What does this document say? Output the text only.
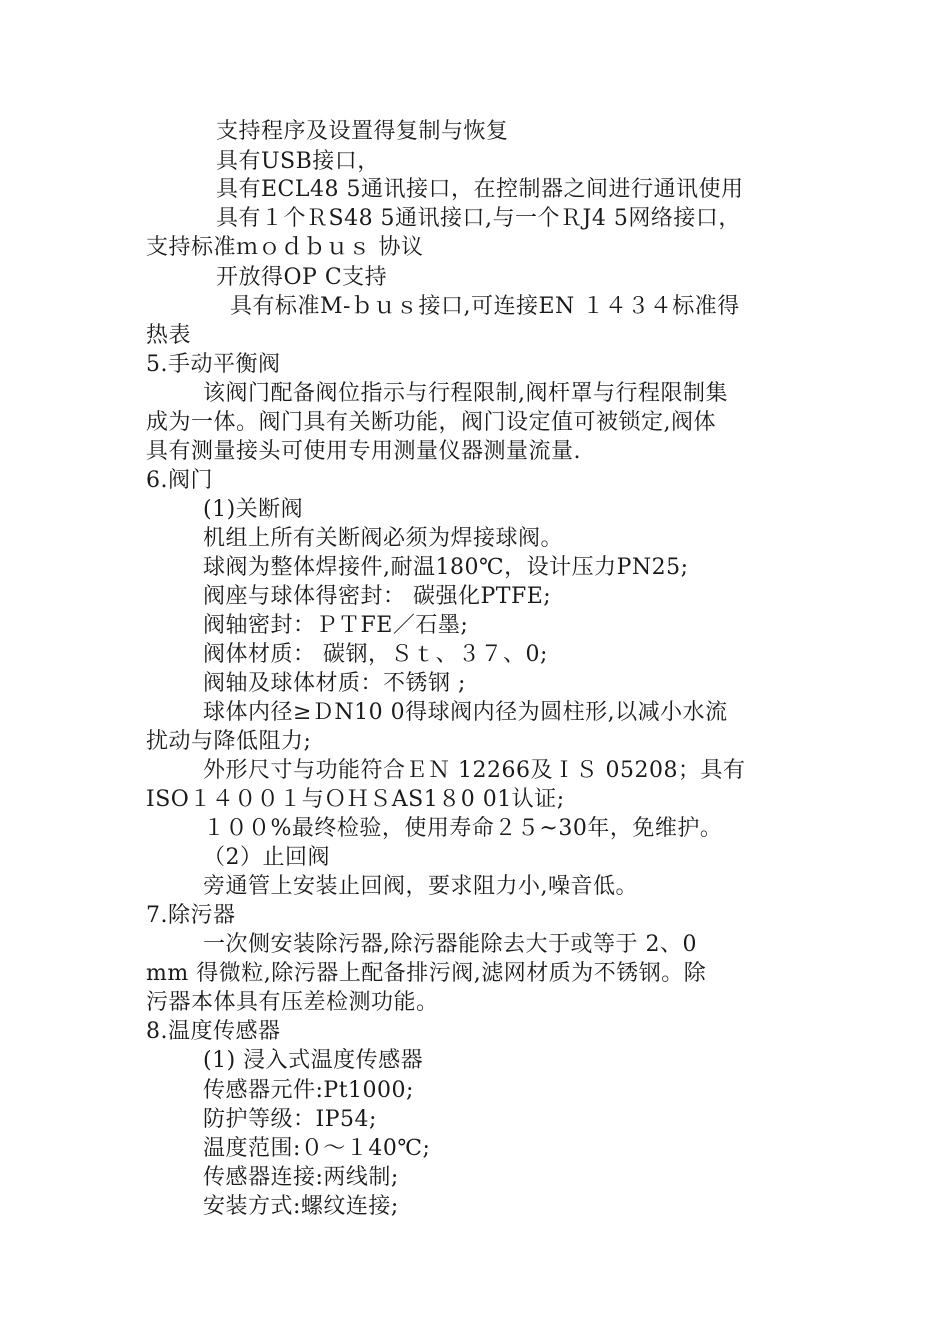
支持程序及设置得复制与恢复
具有USB接口，
具有ECL48 5通讯接口，在控制器之间进行通讯使用
具有１个ＲS48 5通讯接口,与一个ＲJ4 5网络接口，
支持标准ｍｏｄｂｕｓ 协议
开放得OP C支持
具有标准M-ｂｕｓ接口,可连接EN １４３４标准得
热表
5.手动平衡阀
该阀门配备阀位指示与行程限制,阀杆罩与行程限制集
成为一体。阀门具有关断功能，阀门设定值可被锁定,阀体
具有测量接头可使用专用测量仪器测量流量.
6.阀门
(1)关断阀
机组上所有关断阀必须为焊接球阀。
球阀为整体焊接件,耐温180℃，设计压力PN25;
阀座与球体得密封： 碳强化PTFE;
阀轴密封：ＰＴFE／石墨;
阀体材质： 碳钢，Ｓｔ、３７、0;
阀轴及球体材质：不锈钢 ;
球体内径≥ＤN10 0得球阀内径为圆柱形,以减小水流
扰动与降低阻力;
外形尺寸与功能符合ＥＮ 12266及ＩＳ 05208；具有
ISO１４００１与ＯＨＳAS1８0 01认证;
１００%最终检验，使用寿命２５~30年，免维护。
（2）止回阀
旁通管上安装止回阀，要求阻力小,噪音低。
7.除污器
一次侧安装除污器,除污器能除去大于或等于 2、0
mm 得微粒,除污器上配备排污阀,滤网材质为不锈钢。除
污器本体具有压差检测功能。
8.温度传感器
(1) 浸入式温度传感器
传感器元件:Pt1000;
防护等级：IP54;
温度范围:０～１40℃;
传感器连接:两线制;
安装方式:螺纹连接;
